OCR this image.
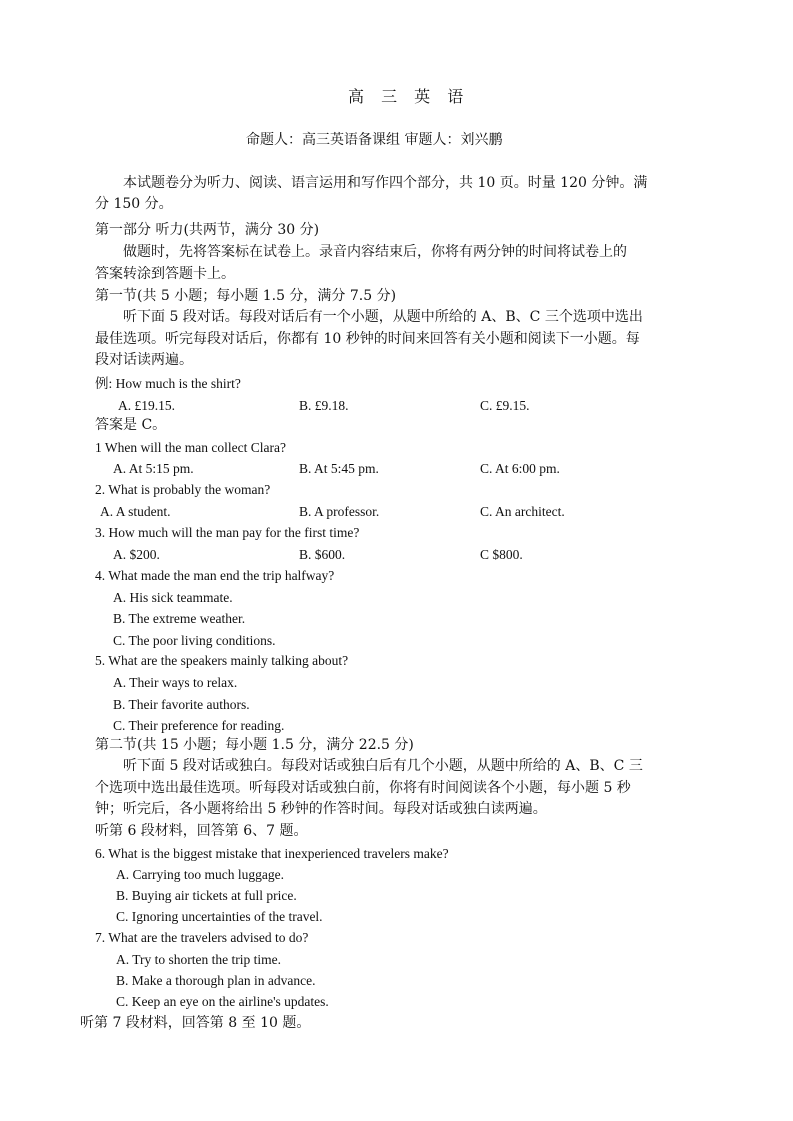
高 三 英 语
命题人：高三英语备课组 审题人：刘兴鹏
本试题卷分为听力、阅读、语言运用和写作四个部分，共 10 页。时量 120 分钟。满
分 150 分。
第一部分 听力(共两节，满分 30 分)
做题时，先将答案标在试卷上。录音内容结束后，你将有两分钟的时间将试卷上的
答案转涂到答题卡上。
第一节(共 5 小题；每小题 1.5 分，满分 7.5 分)
听下面 5 段对话。每段对话后有一个小题，从题中所给的 A、B、C 三个选项中选出
最佳选项。听完每段对话后，你都有 10 秒钟的时间来回答有关小题和阅读下一小题。每
段对话读两遍。
例: How much is the shirt?
A. £19.15.	B. £9.18.	C. £9.15.
答案是 C。
1 When will the man collect Clara?
A. At 5:15 pm.	B. At 5:45 pm.	C. At 6:00 pm.
2. What is probably the woman?
A. A student.	B. A professor.	C. An architect.
3. How much will the man pay for the first time?
A. $200.	B. $600.	C $800.
4. What made the man end the trip halfway?
A. His sick teammate.
B. The extreme weather.
C. The poor living conditions.
5. What are the speakers mainly talking about?
A. Their ways to relax.
B. Their favorite authors.
C. Their preference for reading.
第二节(共 15 小题；每小题 1.5 分，满分 22.5 分)
听下面 5 段对话或独白。每段对话或独白后有几个小题，从题中所给的 A、B、C 三
个选项中选出最佳选项。听每段对话或独白前，你将有时间阅读各个小题，每小题 5 秒
钟；听完后，各小题将给出 5 秒钟的作答时间。每段对话或独白读两遍。
听第 6 段材料，回答第 6、7 题。
6. What is the biggest mistake that inexperienced travelers make?
A. Carrying too much luggage.
B. Buying air tickets at full price.
C. Ignoring uncertainties of the travel.
7. What are the travelers advised to do?
A. Try to shorten the trip time.
B. Make a thorough plan in advance.
C. Keep an eye on the airline's updates.
听第 7 段材料，回答第 8 至 10 题。
